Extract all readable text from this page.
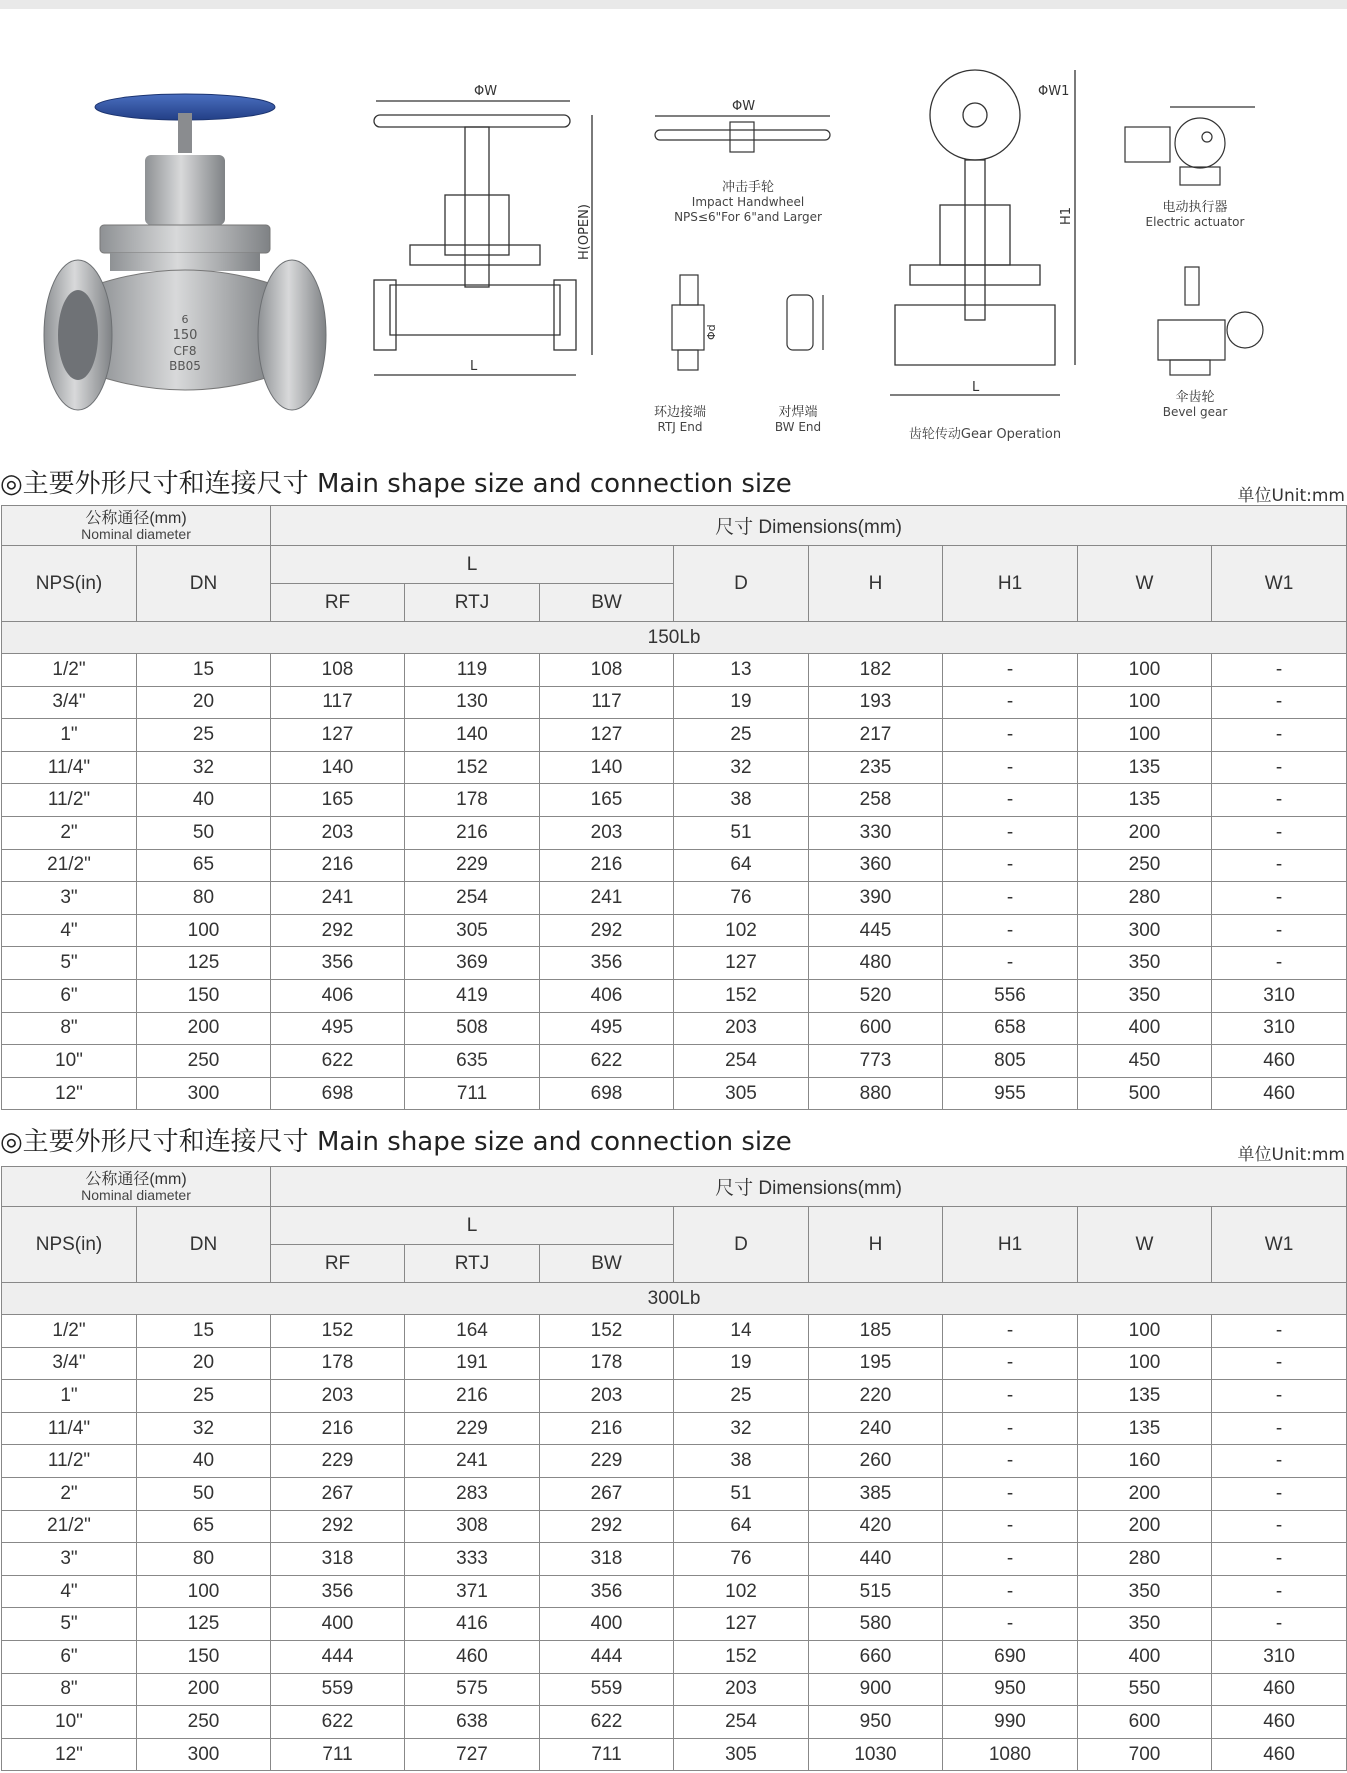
6
150
CF8
BB05
ΦW
L
H(OPEN)
ΦW
冲击手轮
Impact Handwheel
NPS≤6"For 6"and Larger
Φd
环边接端
RTJ End
对焊端
BW End
ΦW1
H1
L
齿轮传动Gear Operation
电动执行器
Electric actuator
伞齿轮
Bevel gear
◎主要外形尺寸和连接尺寸 Main shape size and connection size	单位Unit:mm
公称通径(mm)
Nominal diameter		尺寸 Dimensions(mm)							
NPS(in)	DN	L			D	H	H1	W	W1
		RF	RTJ	BW					
150Lb									
1/2"	15	108	119	108	13	182	-	100	-
3/4"	20	117	130	117	19	193	-	100	-
1"	25	127	140	127	25	217	-	100	-
11/4"	32	140	152	140	32	235	-	135	-
11/2"	40	165	178	165	38	258	-	135	-
2"	50	203	216	203	51	330	-	200	-
21/2"	65	216	229	216	64	360	-	250	-
3"	80	241	254	241	76	390	-	280	-
4"	100	292	305	292	102	445	-	300	-
5"	125	356	369	356	127	480	-	350	-
6"	150	406	419	406	152	520	556	350	310
8"	200	495	508	495	203	600	658	400	310
10"	250	622	635	622	254	773	805	450	460
12"	300	698	711	698	305	880	955	500	460
◎主要外形尺寸和连接尺寸 Main shape size and connection size	单位Unit:mm
公称通径(mm)
Nominal diameter		尺寸 Dimensions(mm)							
NPS(in)	DN	L			D	H	H1	W	W1
		RF	RTJ	BW					
300Lb									
1/2"	15	152	164	152	14	185	-	100	-
3/4"	20	178	191	178	19	195	-	100	-
1"	25	203	216	203	25	220	-	135	-
11/4"	32	216	229	216	32	240	-	135	-
11/2"	40	229	241	229	38	260	-	160	-
2"	50	267	283	267	51	385	-	200	-
21/2"	65	292	308	292	64	420	-	200	-
3"	80	318	333	318	76	440	-	280	-
4"	100	356	371	356	102	515	-	350	-
5"	125	400	416	400	127	580	-	350	-
6"	150	444	460	444	152	660	690	400	310
8"	200	559	575	559	203	900	950	550	460
10"	250	622	638	622	254	950	990	600	460
12"	300	711	727	711	305	1030	1080	700	460
